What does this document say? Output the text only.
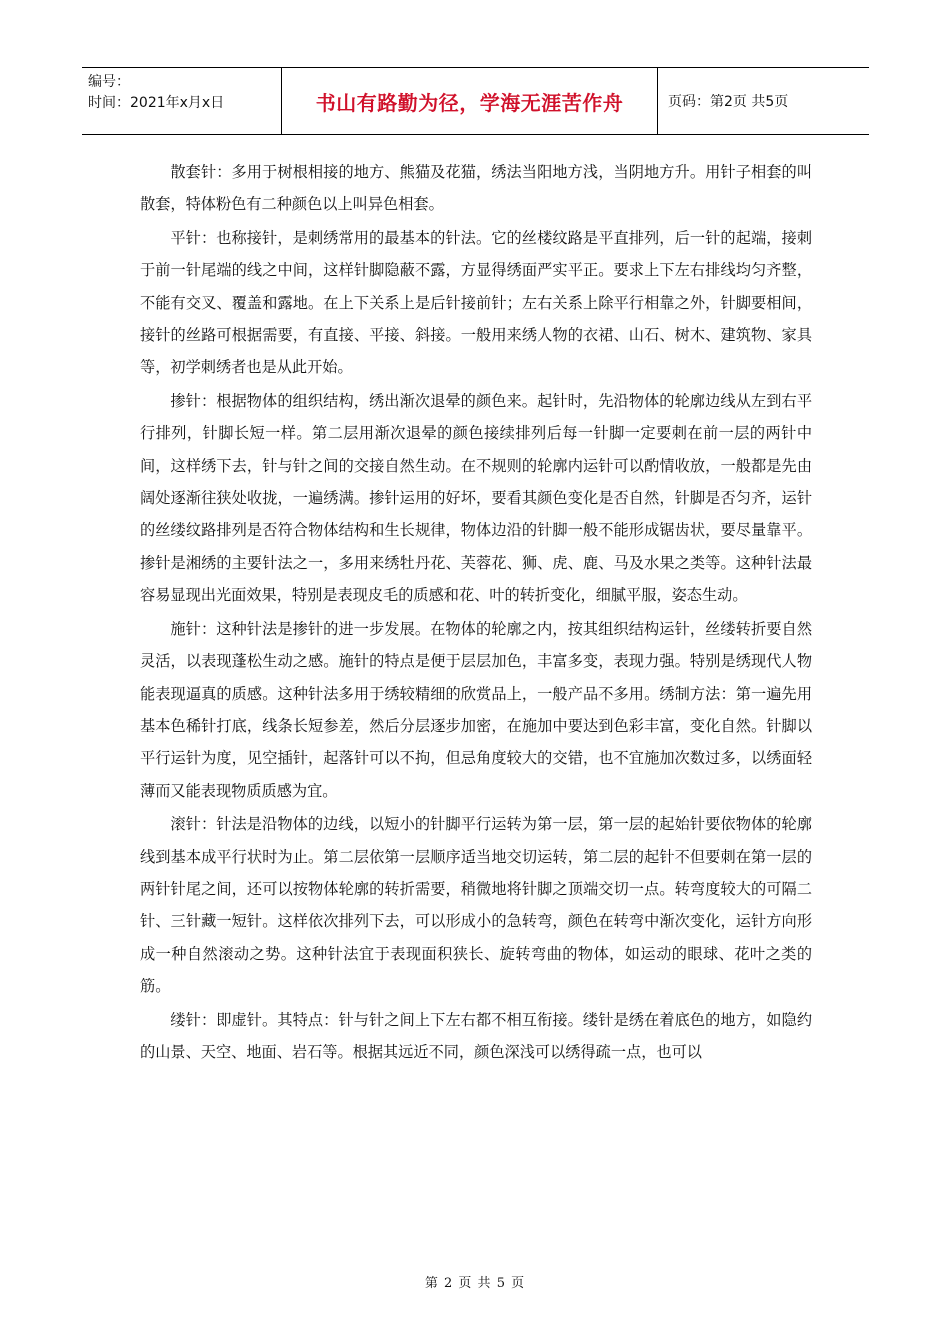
编号：
时间：2021年x月x日	书山有路勤为径，学海无涯苦作舟	页码：第2页 共5页

散套针：多用于树根相接的地方、熊猫及花猫，绣法当阳地方浅，当阴地方升。用针子相套的叫散套，特体粉色有二种颜色以上叫异色相套。

平针：也称接针，是刺绣常用的最基本的针法。它的丝楼纹路是平直排列，后一针的起端，接刺于前一针尾端的线之中间，这样针脚隐蔽不露，方显得绣面严实平正。要求上下左右排线均匀齐整，不能有交叉、覆盖和露地。在上下关系上是后针接前针；左右关系上除平行相靠之外，针脚要相间，接针的丝路可根据需要，有直接、平接、斜接。一般用来绣人物的衣裙、山石、树木、建筑物、家具等，初学刺绣者也是从此开始。

掺针：根据物体的组织结构，绣出渐次退晕的颜色来。起针时，先沿物体的轮廓边线从左到右平行排列，针脚长短一样。第二层用渐次退晕的颜色接续排列后每一针脚一定要刺在前一层的两针中间，这样绣下去，针与针之间的交接自然生动。在不规则的轮廓内运针可以酌情收放，一般都是先由阔处逐渐往狭处收拢，一遍绣满。掺针运用的好坏，要看其颜色变化是否自然，针脚是否匀齐，运针的丝缕纹路排列是否符合物体结构和生长规律，物体边沿的针脚一般不能形成锯齿状，要尽量靠平。掺针是湘绣的主要针法之一，多用来绣牡丹花、芙蓉花、狮、虎、鹿、马及水果之类等。这种针法最容易显现出光面效果，特别是表现皮毛的质感和花、叶的转折变化，细腻平服，姿态生动。

施针：这种针法是掺针的进一步发展。在物体的轮廓之内，按其组织结构运针，丝缕转折要自然灵活，以表现蓬松生动之感。施针的特点是便于层层加色，丰富多变，表现力强。特别是绣现代人物能表现逼真的质感。这种针法多用于绣较精细的欣赏品上，一般产品不多用。绣制方法：第一遍先用基本色稀针打底，线条长短参差，然后分层逐步加密，在施加中要达到色彩丰富，变化自然。针脚以平行运针为度，见空插针，起落针可以不拘，但忌角度较大的交错，也不宜施加次数过多，以绣面轻薄而又能表现物质质感为宜。

滚针：针法是沿物体的边线，以短小的针脚平行运转为第一层，第一层的起始针要依物体的轮廓线到基本成平行状时为止。第二层依第一层顺序适当地交切运转，第二层的起针不但要刺在第一层的两针针尾之间，还可以按物体轮廓的转折需要，稍微地将针脚之顶端交切一点。转弯度较大的可隔二针、三针藏一短针。这样依次排列下去，可以形成小的急转弯，颜色在转弯中渐次变化，运针方向形成一种自然滚动之势。这种针法宜于表现面积狭长、旋转弯曲的物体，如运动的眼球、花叶之类的筋。

缕针：即虚针。其特点：针与针之间上下左右都不相互衔接。缕针是绣在着底色的地方，如隐约的山景、天空、地面、岩石等。根据其远近不同，颜色深浅可以绣得疏一点，也可以

第 2 页 共 5 页
